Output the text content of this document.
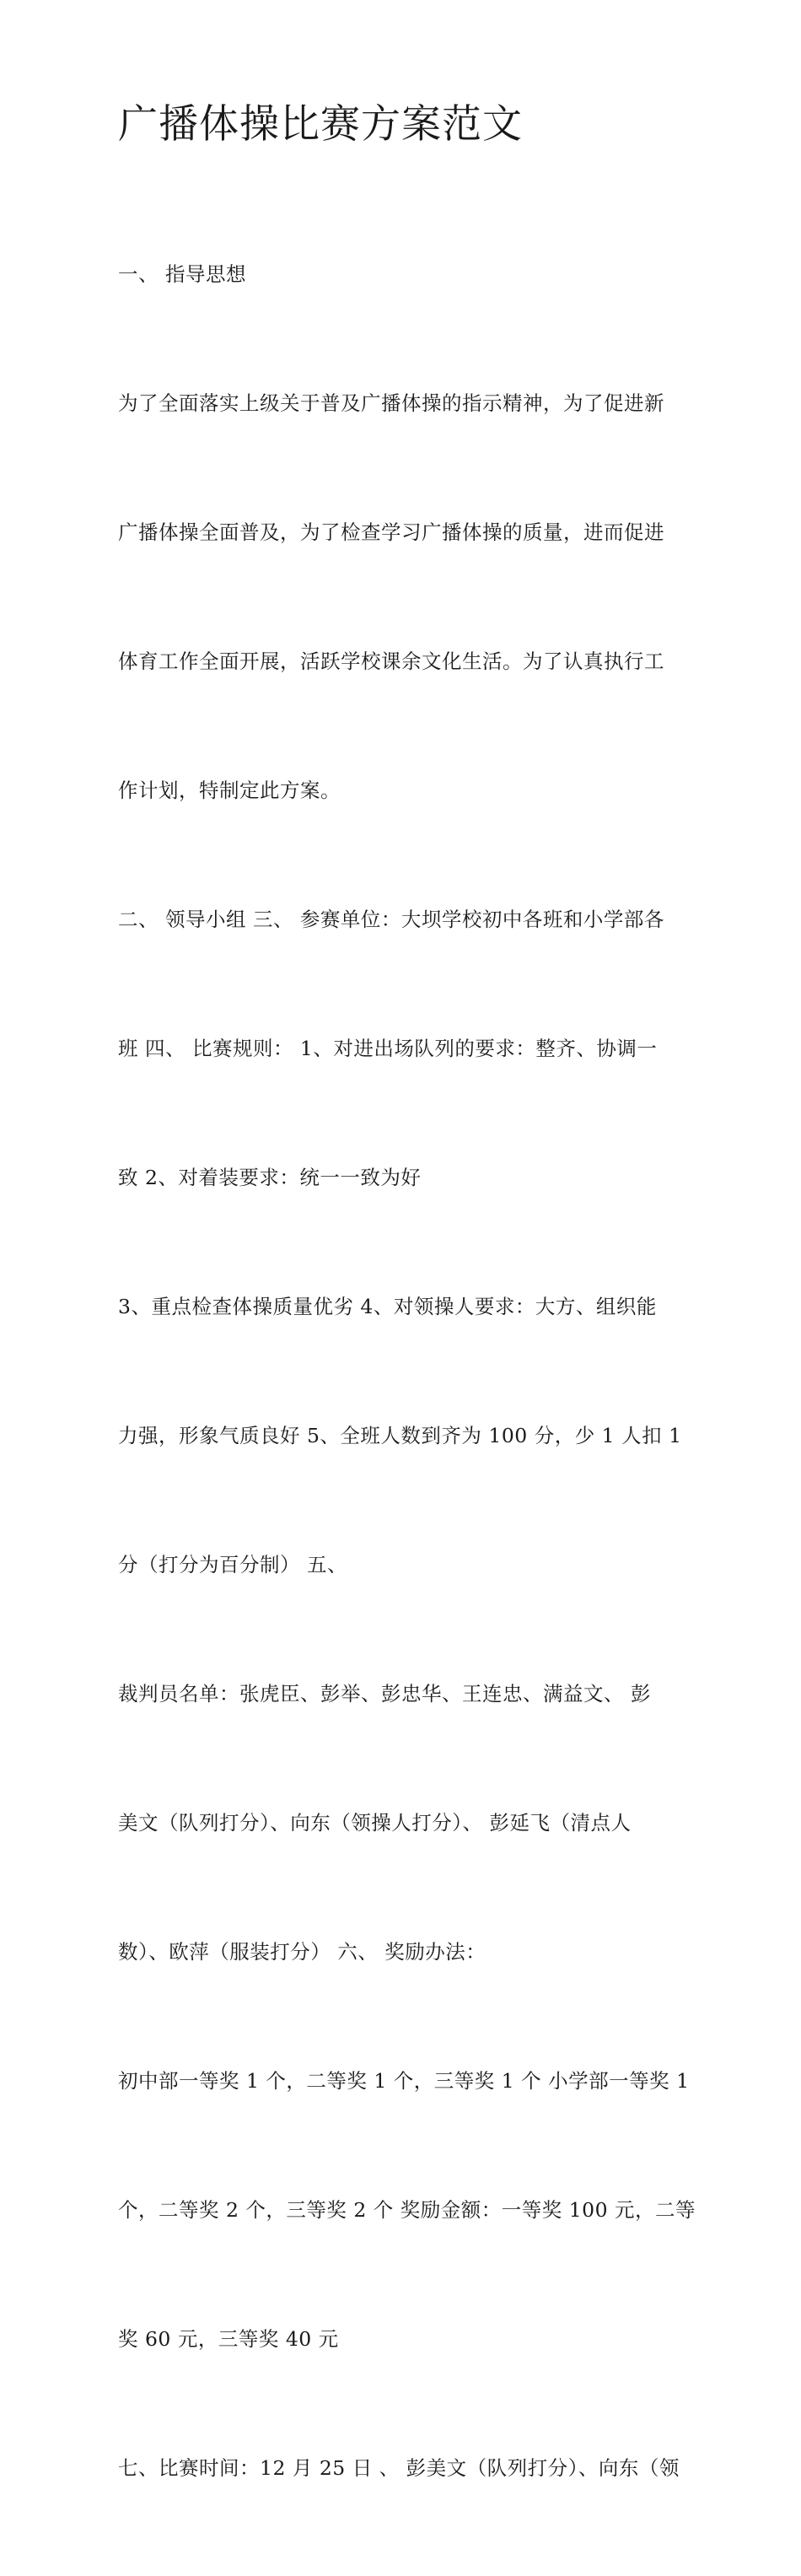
广播体操比赛方案范文

一、 指导思想

为了全面落实上级关于普及广播体操的指示精神，为了促进新

广播体操全面普及，为了检查学习广播体操的质量，进而促进

体育工作全面开展，活跃学校课余文化生活。为了认真执行工

作计划，特制定此方案。

二、 领导小组 三、 参赛单位：大坝学校初中各班和小学部各

班 四、 比赛规则： 1、对进出场队列的要求：整齐、协调一

致 2、对着装要求：统一一致为好

3、重点检查体操质量优劣 4、对领操人要求：大方、组织能

力强，形象气质良好 5、全班人数到齐为 100 分，少 1 人扣 1

分（打分为百分制） 五、

裁判员名单：张虎臣、彭举、彭忠华、王连忠、满益文、 彭

美文（队列打分）、向东（领操人打分）、 彭延飞（清点人

数）、欧萍（服装打分） 六、 奖励办法：

初中部一等奖 1 个，二等奖 1 个，三等奖 1 个 小学部一等奖 1

个，二等奖 2 个，三等奖 2 个 奖励金额：一等奖 100 元，二等

奖 60 元，三等奖 40 元

七、比赛时间：12 月 25 日 、 彭美文（队列打分）、向东（领
